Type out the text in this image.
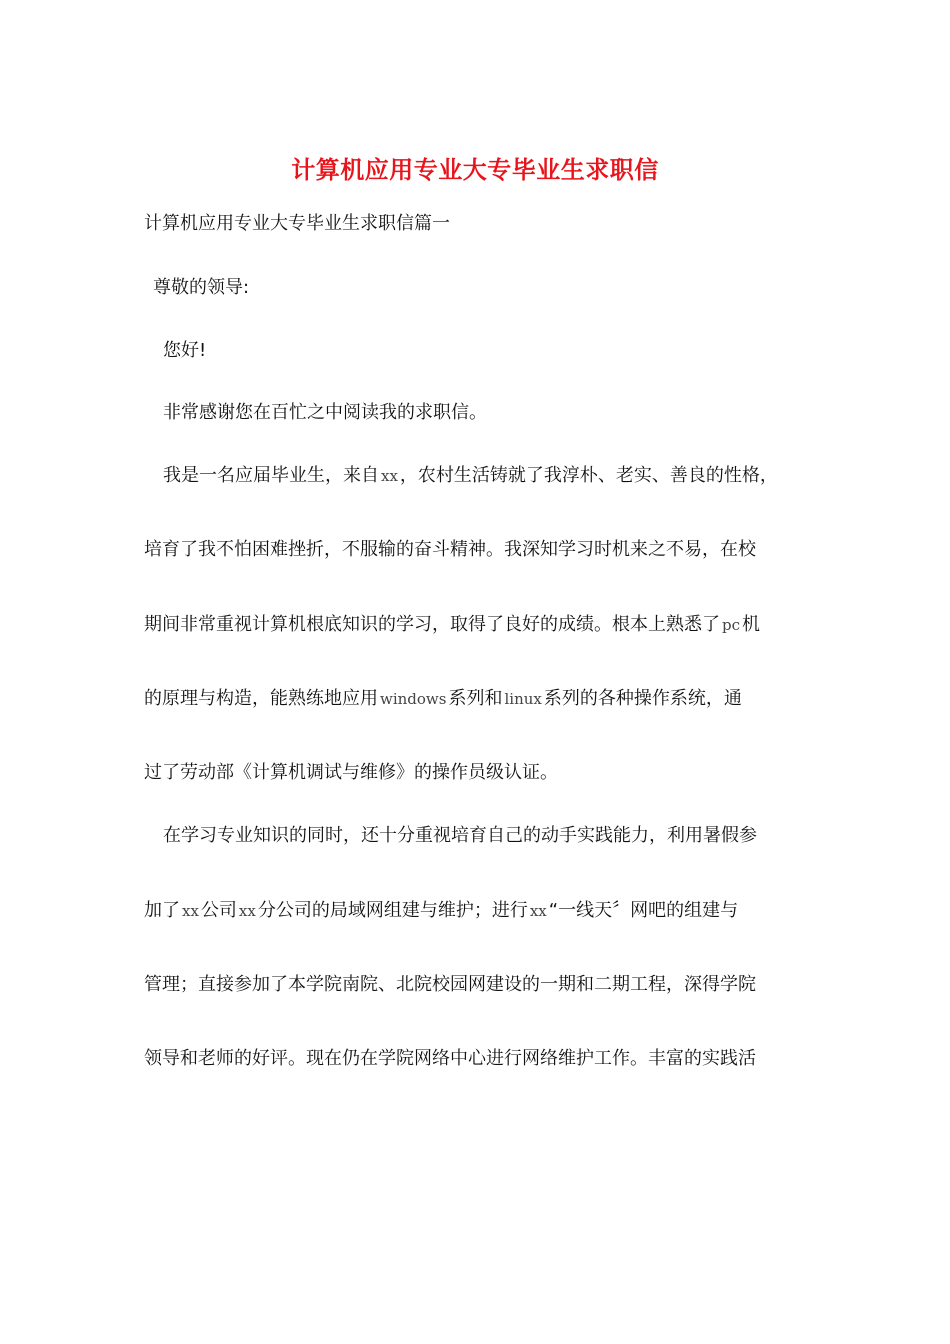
计算机应用专业大专毕业生求职信
计算机应用专业大专毕业生求职信篇一
尊敬的领导:
您好!
非常感谢您在百忙之中阅读我的求职信。
我是一名应届毕业生，来自 xx ，农村生活铸就了我淳朴、老实、善良的性格，
培育了我不怕困难挫折，不服输的奋斗精神。我深知学习时机来之不易，在校
期间非常重视计算机根底知识的学习，取得了良好的成绩。根本上熟悉了 pc 机
的原理与构造，能熟练地应用 windows 系列和 linux 系列的各种操作系统，通
过了劳动部《计算机调试与维修》的操作员级认证。
在学习专业知识的同时，还十分重视培育自己的动手实践能力，利用暑假参
加了 xx 公司 xx 分公司的局域网组建与维护；进行 xx “一线天〞网吧的组建与
管理；直接参加了本学院南院、北院校园网建设的一期和二期工程，深得学院
领导和老师的好评。现在仍在学院网络中心进行网络维护工作。丰富的实践活
